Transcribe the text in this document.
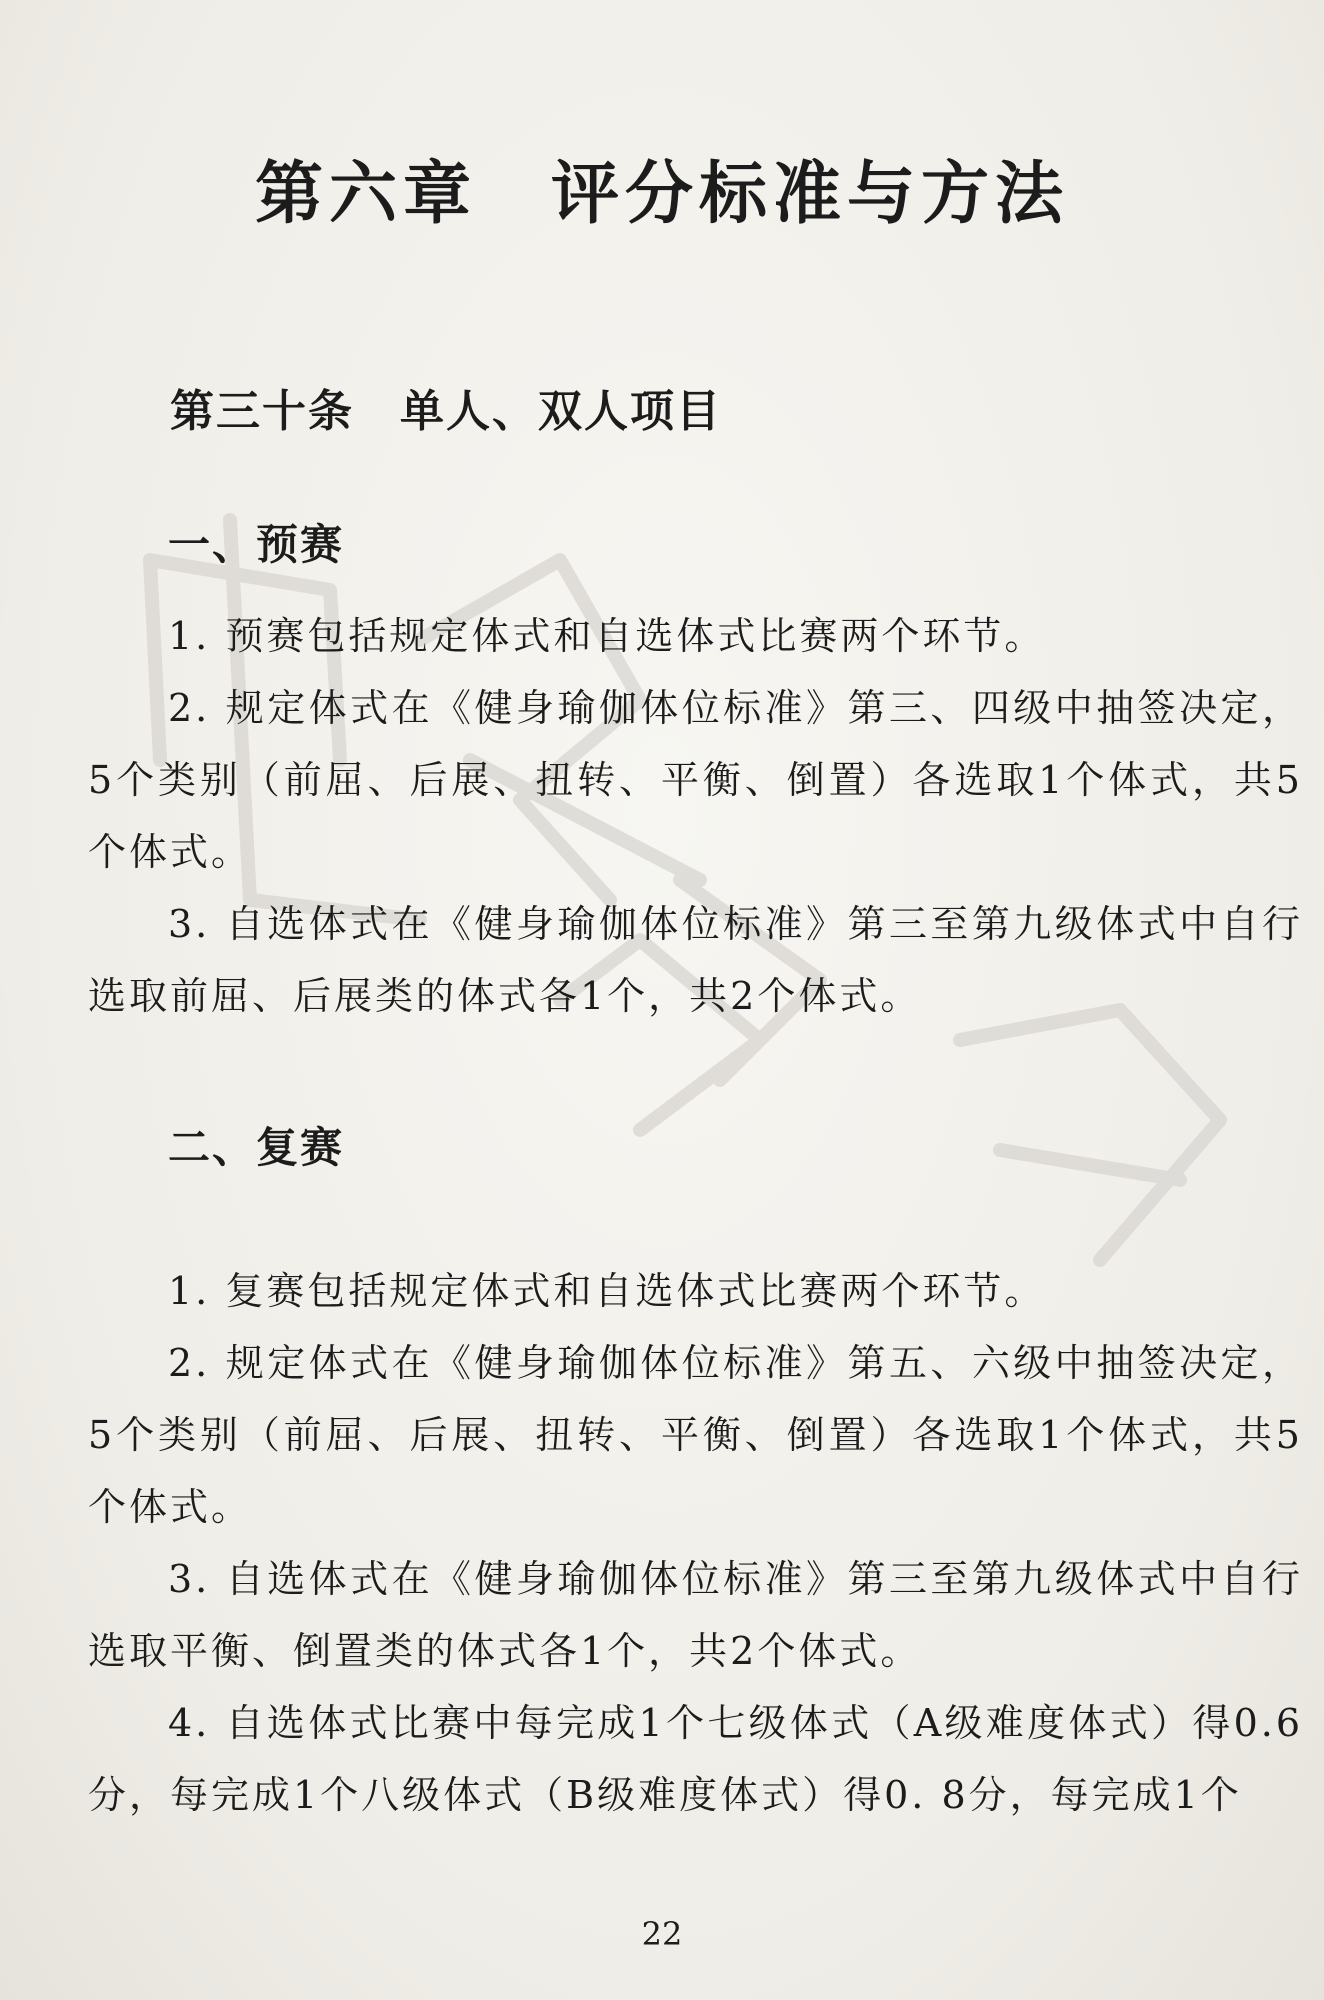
第六章　评分标准与方法
第三十条　单人、双人项目
一、预赛
1. 预赛包括规定体式和自选体式比赛两个环节。
2. 规定体式在《健身瑜伽体位标准》第三、四级中抽签决定，5个类别（前屈、后展、扭转、平衡、倒置）各选取1个体式，共5个体式。
3. 自选体式在《健身瑜伽体位标准》第三至第九级体式中自行选取前屈、后展类的体式各1个，共2个体式。
二、复赛
1. 复赛包括规定体式和自选体式比赛两个环节。
2. 规定体式在《健身瑜伽体位标准》第五、六级中抽签决定，5个类别（前屈、后展、扭转、平衡、倒置）各选取1个体式，共5个体式。
3. 自选体式在《健身瑜伽体位标准》第三至第九级体式中自行选取平衡、倒置类的体式各1个，共2个体式。
4. 自选体式比赛中每完成1个七级体式（A级难度体式）得0.6分，每完成1个八级体式（B级难度体式）得0. 8分，每完成1个
22
